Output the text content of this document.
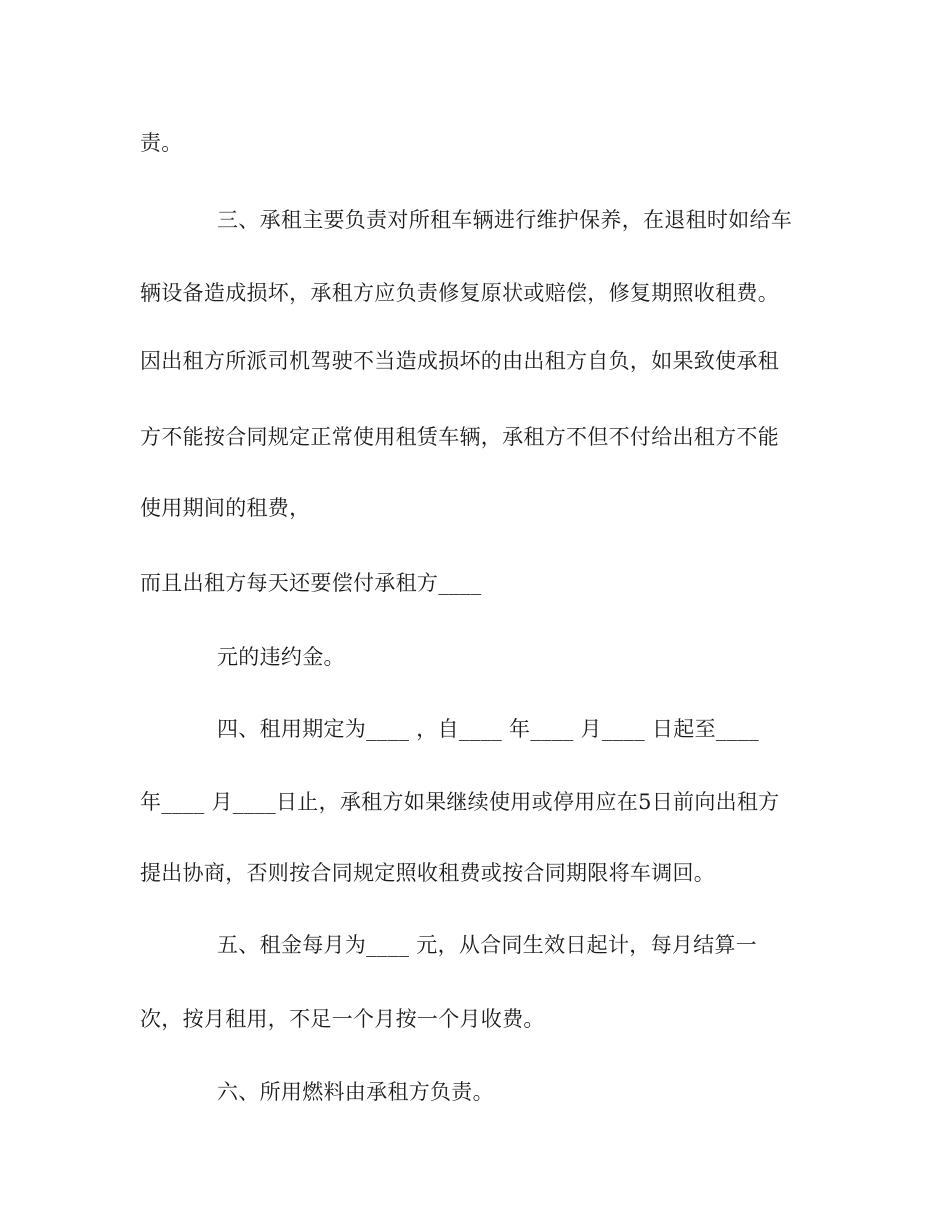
责。
三、承租主要负责对所租车辆进行维护保养，在退租时如给车
辆设备造成损坏，承租方应负责修复原状或赔偿，修复期照收租费。
因出租方所派司机驾驶不当造成损坏的由出租方自负，如果致使承租
方不能按合同规定正常使用租赁车辆，承租方不但不付给出租方不能
使用期间的租费，
而且出租方每天还要偿付承租方____
元的违约金。
四、租用期定为____ ，自____ 年____ 月____ 日起至____
年____ 月____日止，承租方如果继续使用或停用应在5日前向出租方
提出协商，否则按合同规定照收租费或按合同期限将车调回。
五、租金每月为____ 元，从合同生效日起计，每月结算一
次，按月租用，不足一个月按一个月收费。
六、所用燃料由承租方负责。
